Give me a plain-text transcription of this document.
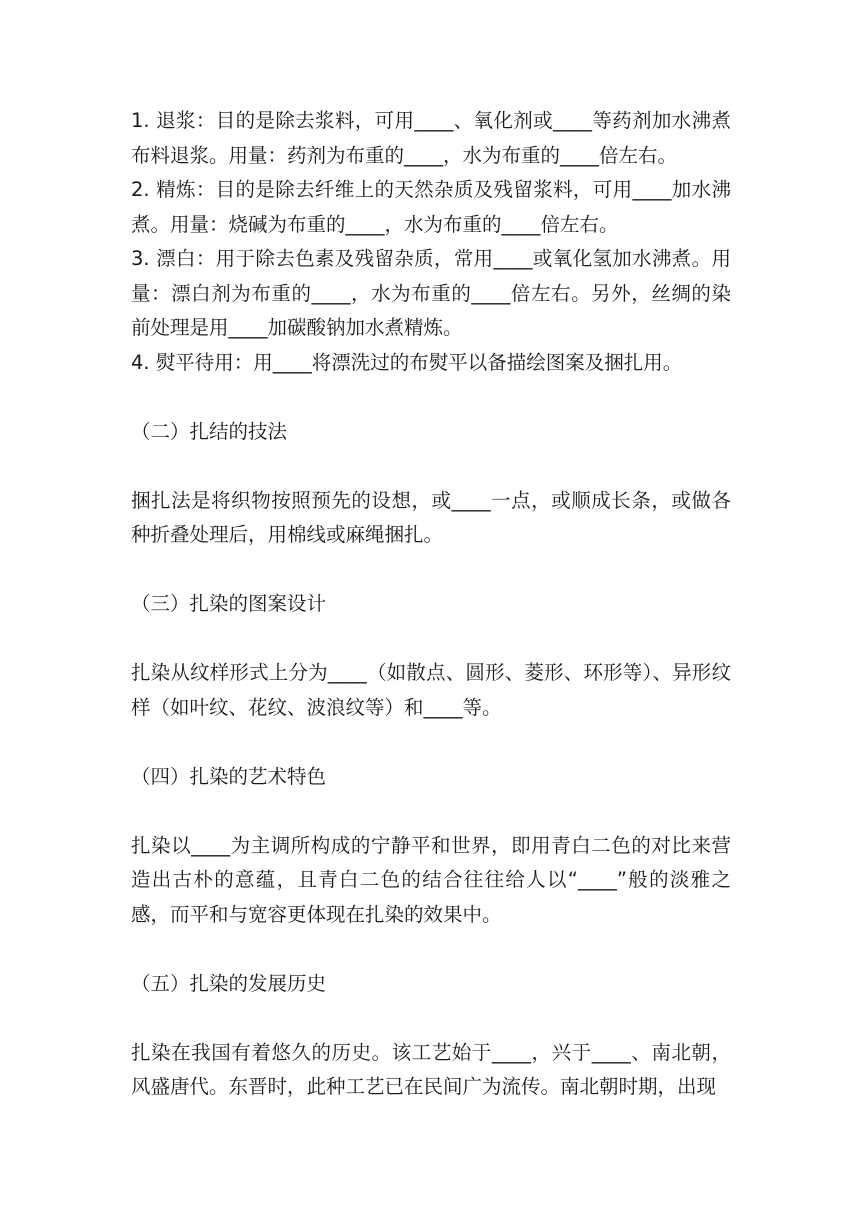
1. 退浆：目的是除去浆料，可用____、氧化剂或____等药剂加水沸煮布料退浆。用量：药剂为布重的____，水为布重的____倍左右。

2. 精炼：目的是除去纤维上的天然杂质及残留浆料，可用____加水沸煮。用量：烧碱为布重的____，水为布重的____倍左右。

3. 漂白：用于除去色素及残留杂质，常用____或氧化氢加水沸煮。用量：漂白剂为布重的____，水为布重的____倍左右。另外，丝绸的染前处理是用____加碳酸钠加水煮精炼。

4. 熨平待用：用____将漂洗过的布熨平以备描绘图案及捆扎用。

（二）扎结的技法

捆扎法是将织物按照预先的设想，或____一点，或顺成长条，或做各种折叠处理后，用棉线或麻绳捆扎。

（三）扎染的图案设计

扎染从纹样形式上分为____（如散点、圆形、菱形、环形等）、异形纹样（如叶纹、花纹、波浪纹等）和____等。

（四）扎染的艺术特色

扎染以____为主调所构成的宁静平和世界，即用青白二色的对比来营造出古朴的意蕴，且青白二色的结合往往给人以“____”般的淡雅之感，而平和与宽容更体现在扎染的效果中。

（五）扎染的发展历史

扎染在我国有着悠久的历史。该工艺始于____，兴于____、南北朝，风盛唐代。东晋时，此种工艺已在民间广为流传。南北朝时期，出现
